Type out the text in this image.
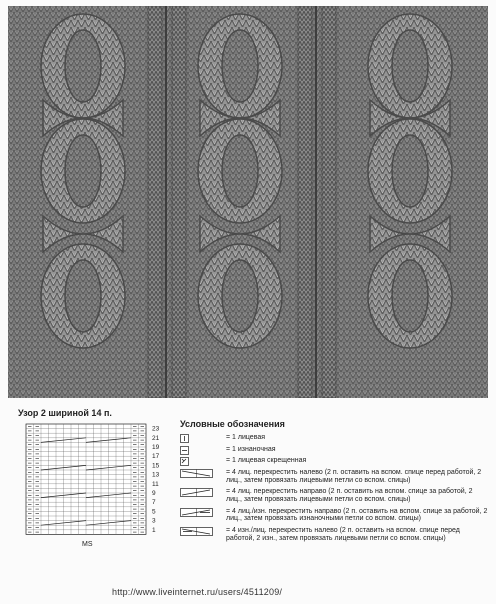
Узор 2 шириной 14 п.
23
21
19
17
15
13
11
9
7
5
3
1
MS
Условные обозначения
= 1 лицевая
= 1 изнаночная
= 1 лицевая скрещенная
= 4 лиц. перекрестить налево (2 п. оставить на вспом. спице перед работой, 2 лиц., затем провязать лицевыми петли со вспом. спицы)
= 4 лиц. перекрестить направо (2 п. оставить на вспом. спице за работой, 2 лиц., затем провязать лицевыми петли со вспом. спицы)
= 4 лиц./изн. перекрестить направо (2 п. оставить на вспом. спице за работой, 2 лиц., затем провязать изнаночными петли со вспом. спицы)
= 4 изн./лиц. перекрестить налево (2 п. оставить на вспом. спице перед работой, 2 изн., затем провязать лицевыми петли со вспом. спицы)
http://www.liveinternet.ru/users/4511209/
